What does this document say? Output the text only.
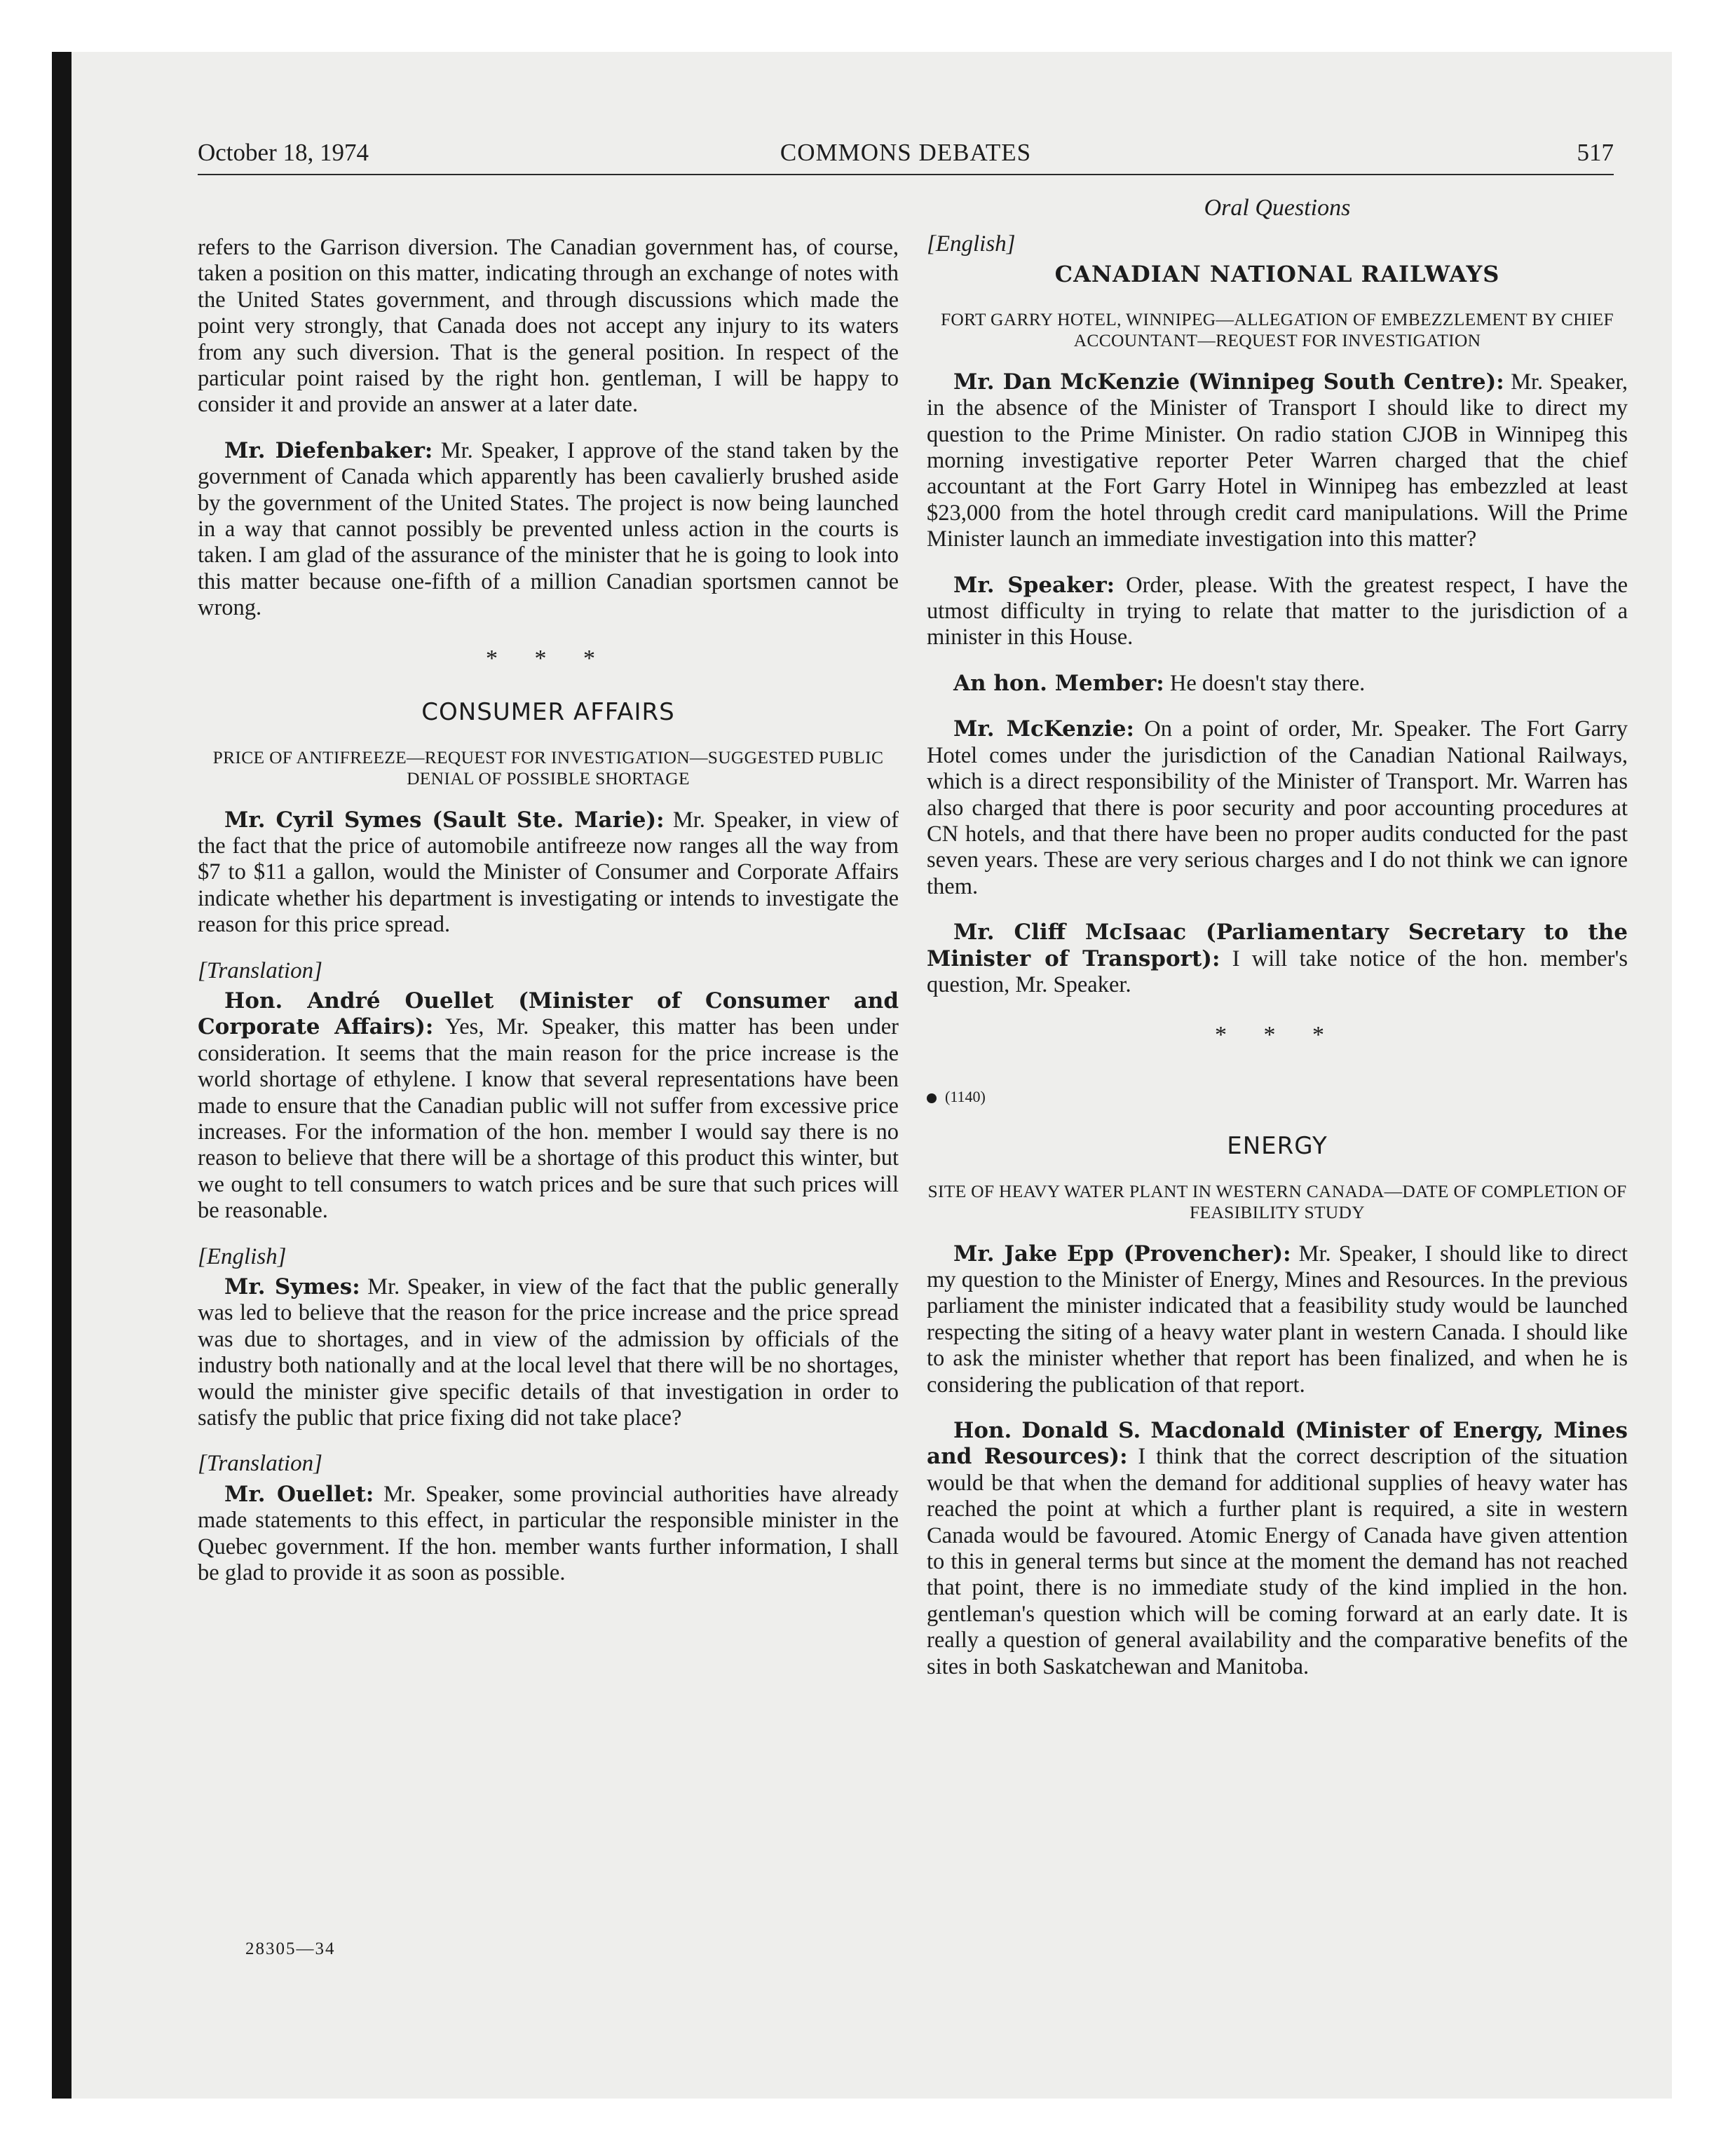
October 18, 1974	COMMONS DEBATES	517
Oral Questions

refers to the Garrison diversion. The Canadian government has, of course, taken a position on this matter, indicating through an exchange of notes with the United States government, and through discussions which made the point very strongly, that Canada does not accept any injury to its waters from any such diversion. That is the general position. In respect of the particular point raised by the right hon. gentleman, I will be happy to consider it and provide an answer at a later date.

Mr. Diefenbaker: Mr. Speaker, I approve of the stand taken by the government of Canada which apparently has been cavalierly brushed aside by the government of the United States. The project is now being launched in a way that cannot possibly be prevented unless action in the courts is taken. I am glad of the assurance of the minister that he is going to look into this matter because one-fifth of a million Canadian sportsmen cannot be wrong.

* * *
CONSUMER AFFAIRS
PRICE OF ANTIFREEZE—REQUEST FOR INVESTIGATION—SUGGESTED PUBLIC DENIAL OF POSSIBLE SHORTAGE

Mr. Cyril Symes (Sault Ste. Marie): Mr. Speaker, in view of the fact that the price of automobile antifreeze now ranges all the way from $7 to $11 a gallon, would the Minister of Consumer and Corporate Affairs indicate whether his department is investigating or intends to investigate the reason for this price spread.

[Translation]

Hon. André Ouellet (Minister of Consumer and Corporate Affairs): Yes, Mr. Speaker, this matter has been under consideration. It seems that the main reason for the price increase is the world shortage of ethylene. I know that several representations have been made to ensure that the Canadian public will not suffer from excessive price increases. For the information of the hon. member I would say there is no reason to believe that there will be a shortage of this product this winter, but we ought to tell consumers to watch prices and be sure that such prices will be reasonable.

[English]

Mr. Symes: Mr. Speaker, in view of the fact that the public generally was led to believe that the reason for the price increase and the price spread was due to shortages, and in view of the admission by officials of the industry both nationally and at the local level that there will be no shortages, would the minister give specific details of that investigation in order to satisfy the public that price fixing did not take place?

[Translation]

Mr. Ouellet: Mr. Speaker, some provincial authorities have already made statements to this effect, in particular the responsible minister in the Quebec government. If the hon. member wants further information, I shall be glad to provide it as soon as possible.

[English]
CANADIAN NATIONAL RAILWAYS
FORT GARRY HOTEL, WINNIPEG—ALLEGATION OF EMBEZZLEMENT BY CHIEF ACCOUNTANT—REQUEST FOR INVESTIGATION

Mr. Dan McKenzie (Winnipeg South Centre): Mr. Speaker, in the absence of the Minister of Transport I should like to direct my question to the Prime Minister. On radio station CJOB in Winnipeg this morning investigative reporter Peter Warren charged that the chief accountant at the Fort Garry Hotel in Winnipeg has embezzled at least $23,000 from the hotel through credit card manipulations. Will the Prime Minister launch an immediate investigation into this matter?

Mr. Speaker: Order, please. With the greatest respect, I have the utmost difficulty in trying to relate that matter to the jurisdiction of a minister in this House.

An hon. Member: He doesn't stay there.

Mr. McKenzie: On a point of order, Mr. Speaker. The Fort Garry Hotel comes under the jurisdiction of the Canadian National Railways, which is a direct responsibility of the Minister of Transport. Mr. Warren has also charged that there is poor security and poor accounting procedures at CN hotels, and that there have been no proper audits conducted for the past seven years. These are very serious charges and I do not think we can ignore them.

Mr. Cliff McIsaac (Parliamentary Secretary to the Minister of Transport): I will take notice of the hon. member's question, Mr. Speaker.

* * *
(1140)
ENERGY
SITE OF HEAVY WATER PLANT IN WESTERN CANADA—DATE OF COMPLETION OF FEASIBILITY STUDY

Mr. Jake Epp (Provencher): Mr. Speaker, I should like to direct my question to the Minister of Energy, Mines and Resources. In the previous parliament the minister indicated that a feasibility study would be launched respecting the siting of a heavy water plant in western Canada. I should like to ask the minister whether that report has been finalized, and when he is considering the publication of that report.

Hon. Donald S. Macdonald (Minister of Energy, Mines and Resources): I think that the correct description of the situation would be that when the demand for additional supplies of heavy water has reached the point at which a further plant is required, a site in western Canada would be favoured. Atomic Energy of Canada have given attention to this in general terms but since at the moment the demand has not reached that point, there is no immediate study of the kind implied in the hon. gentleman's question which will be coming forward at an early date. It is really a question of general availability and the comparative benefits of the sites in both Saskatchewan and Manitoba.

28305—34
